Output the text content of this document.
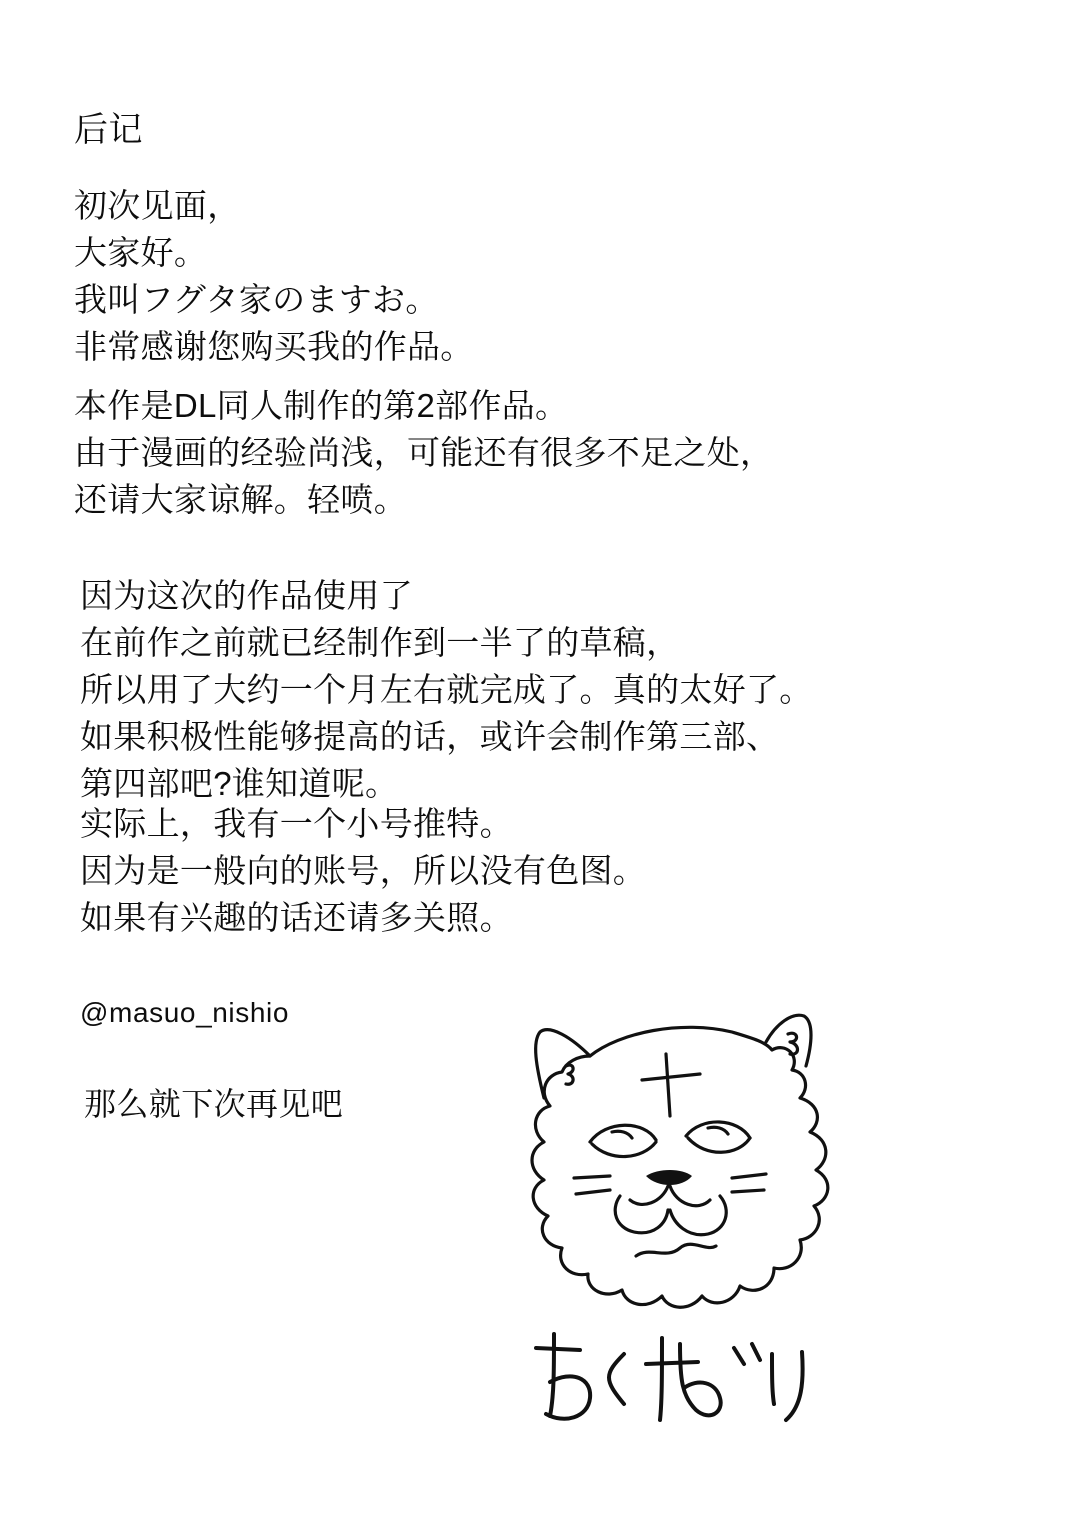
后记

初次见面，

大家好。

我叫フグタ家のますお。

非常感谢您购买我的作品。

本作是DL同人制作的第2部作品。

由于漫画的经验尚浅，可能还有很多不足之处，

还请大家谅解。轻喷。

因为这次的作品使用了

在前作之前就已经制作到一半了的草稿，

所以用了大约一个月左右就完成了。真的太好了。

如果积极性能够提高的话，或许会制作第三部、

第四部吧?谁知道呢。

实际上，我有一个小号推特。

因为是一般向的账号，所以没有色图。

如果有兴趣的话还请多关照。

@masuo_nishio
那么就下次再见吧
